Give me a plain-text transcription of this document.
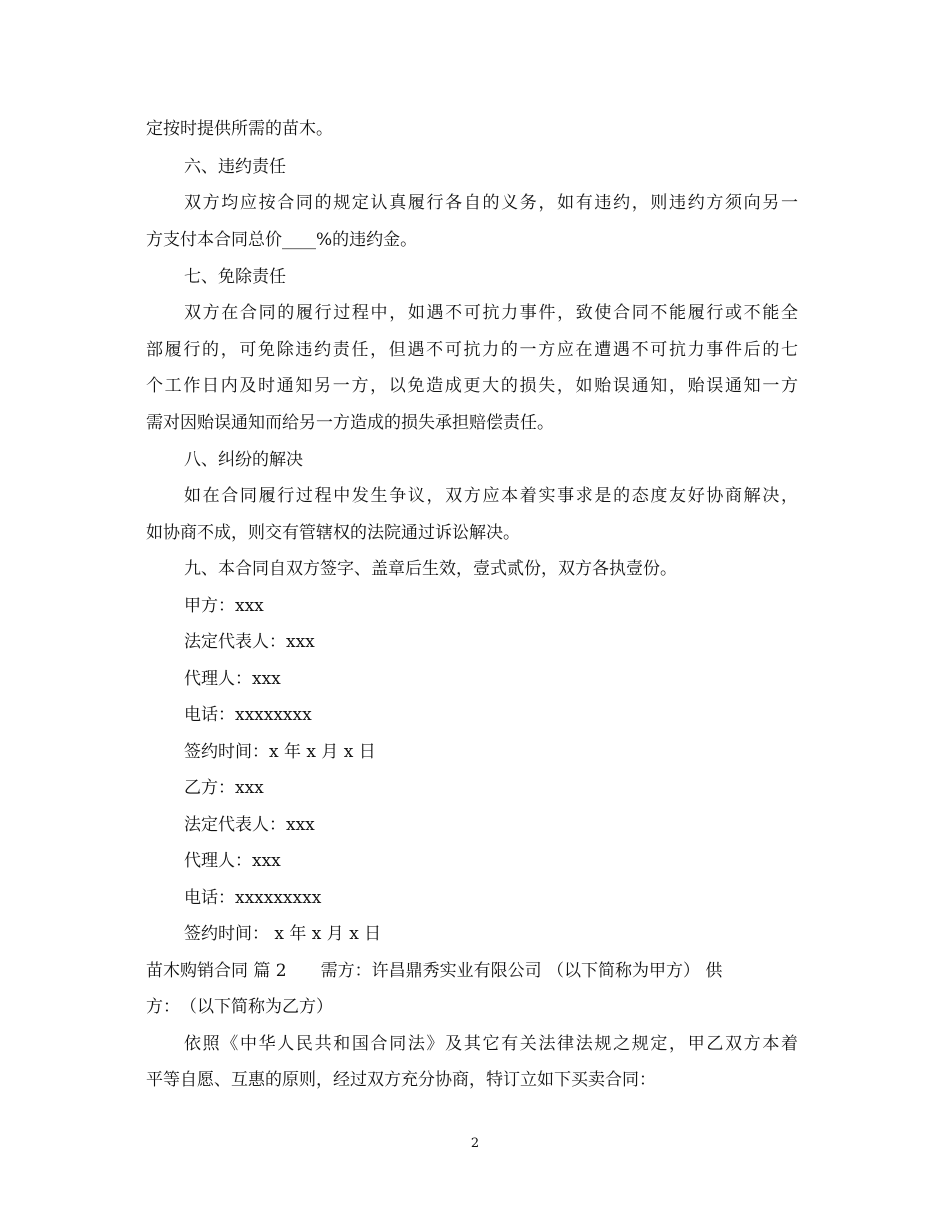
定按时提供所需的苗木。
六、违约责任
双方均应按合同的规定认真履行各自的义务，如有违约，则违约方须向另一
方支付本合同总价____%的违约金。
七、免除责任
双方在合同的履行过程中，如遇不可抗力事件，致使合同不能履行或不能全
部履行的，可免除违约责任，但遇不可抗力的一方应在遭遇不可抗力事件后的七
个工作日内及时通知另一方，以免造成更大的损失，如贻误通知，贻误通知一方
需对因贻误通知而给另一方造成的损失承担赔偿责任。
八、纠纷的解决
如在合同履行过程中发生争议，双方应本着实事求是的态度友好协商解决，
如协商不成，则交有管辖权的法院通过诉讼解决。
九、本合同自双方签字、盖章后生效，壹式贰份，双方各执壹份。
甲方：xxx
法定代表人：xxx
代理人：xxx
电话：xxxxxxxx
签约时间：x 年 x 月 x 日
乙方：xxx
法定代表人：xxx
代理人：xxx
电话：xxxxxxxxx
签约时间： x 年 x 月 x 日
苗木购销合同 篇 2　　需方：许昌鼎秀实业有限公司 （以下简称为甲方） 供
方：　（以下简称为乙方）
依照《中华人民共和国合同法》及其它有关法律法规之规定，甲乙双方本着
平等自愿、互惠的原则，经过双方充分协商，特订立如下买卖合同：
2
